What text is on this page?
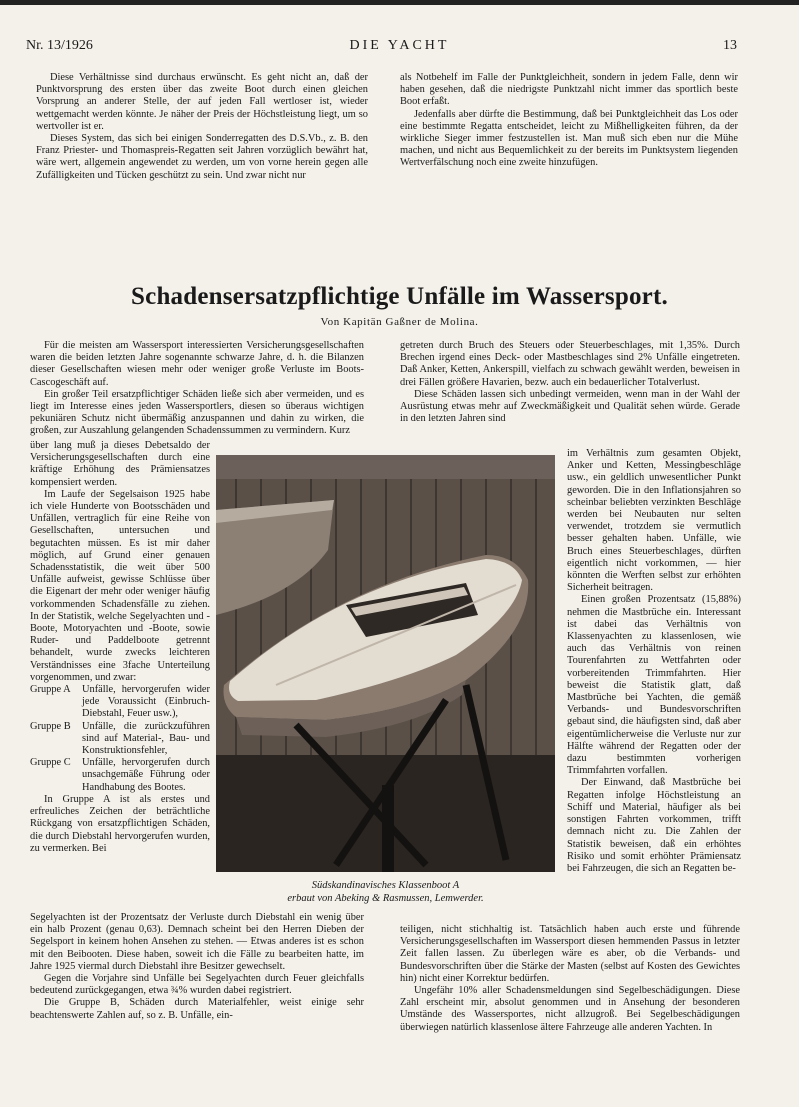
Nr. 13/1926	DIE YACHT	13

Diese Verhältnisse sind durchaus erwünscht. Es geht nicht an, daß der Punktvorsprung des ersten über das zweite Boot durch einen gleichen Vorsprung an anderer Stelle, der auf jeden Fall wertloser ist, wieder wettgemacht werden könnte. Je näher der Preis der Höchstleistung liegt, um so wertvoller ist er.

Dieses System, das sich bei einigen Sonderregatten des D.S.Vb., z. B. den Franz Priester- und Thomaspreis-Regatten seit Jahren vorzüglich bewährt hat, wäre wert, allgemein angewendet zu werden, um von vorne herein gegen alle Zufälligkeiten und Tücken geschützt zu sein. Und zwar nicht nur

als Notbehelf im Falle der Punktgleichheit, sondern in jedem Falle, denn wir haben gesehen, daß die niedrigste Punktzahl nicht immer das sportlich beste Boot erfaßt.

Jedenfalls aber dürfte die Bestimmung, daß bei Punktgleichheit das Los oder eine bestimmte Regatta entscheidet, leicht zu Mißhelligkeiten führen, da der wirkliche Sieger immer festzustellen ist. Man muß sich eben nur die Mühe machen, und nicht aus Bequemlichkeit zu der bereits im Punktsystem liegenden Wertverfälschung noch eine zweite hinzufügen.

Schadensersatzpflichtige Unfälle im Wassersport.
Von Kapitän Gaßner de Molina.

Für die meisten am Wassersport interessierten Versicherungsgesellschaften waren die beiden letzten Jahre sogenannte schwarze Jahre, d. h. die Bilanzen dieser Gesellschaften wiesen mehr oder weniger große Verluste im Boots-Cascogeschäft auf.

Ein großer Teil ersatzpflichtiger Schäden ließe sich aber vermeiden, und es liegt im Interesse eines jeden Wassersportlers, diesen so überaus wichtigen pekuniären Schutz nicht übermäßig anzuspannen und dahin zu wirken, die großen, zur Auszahlung gelangenden Schadenssummen zu vermindern. Kurz

über lang muß ja dieses Debetsaldo der Versicherungsgesellschaften durch eine kräftige Erhöhung des Prämiensatzes kompensiert werden.

Im Laufe der Segelsaison 1925 habe ich viele Hunderte von Bootsschäden und Unfällen, vertraglich für eine Reihe von Gesellschaften, untersuchen und begutachten müssen. Es ist mir daher möglich, auf Grund einer genauen Schadensstatistik, die weit über 500 Unfälle aufweist, gewisse Schlüsse über die Eigenart der mehr oder weniger häufig vorkommenden Schadensfälle zu ziehen. In der Statistik, welche Segelyachten und -Boote, Motoryachten und -Boote, sowie Ruder- und Paddelboote getrennt behandelt, wurde zwecks leichteren Verständnisses eine 3fache Unterteilung vorgenommen, und zwar:

Gruppe A	Unfälle, hervorgerufen wider jede Voraussicht (Einbruch-Diebstahl, Feuer usw.),
Gruppe B	Unfälle, die zurückzuführen sind auf Material-, Bau- und Konstruktionsfehler,
Gruppe C	Unfälle, hervorgerufen durch unsachgemäße Führung oder Handhabung des Bootes.

In Gruppe A ist als erstes und erfreuliches Zeichen der beträchtliche Rückgang von ersatzpflichtigen Schäden, die durch Diebstahl hervorgerufen wurden, zu vermerken. Bei

Segelyachten ist der Prozentsatz der Verluste durch Diebstahl ein wenig über ein halb Prozent (genau 0,63). Demnach scheint bei den Herren Dieben der Segelsport in keinem hohen Ansehen zu stehen. — Etwas anderes ist es schon mit den Beibooten. Diese haben, soweit ich die Fälle zu bearbeiten hatte, im Jahre 1925 viermal durch Diebstahl ihre Besitzer gewechselt.

Gegen die Vorjahre sind Unfälle bei Segelyachten durch Feuer gleichfalls bedeutend zurückgegangen, etwa ¾% wurden dabei registriert.

Die Gruppe B, Schäden durch Materialfehler, weist einige sehr beachtenswerte Zahlen auf, so z. B. Unfälle, ein-

getreten durch Bruch des Steuers oder Steuerbeschlages, mit 1,35%. Durch Brechen irgend eines Deck- oder Mastbeschlages sind 2% Unfälle eingetreten. Daß Anker, Ketten, Ankerspill, vielfach zu schwach gewählt werden, beweisen in drei Fällen größere Havarien, bezw. auch ein bedauerlicher Totalverlust.

Diese Schäden lassen sich unbedingt vermeiden, wenn man in der Wahl der Ausrüstung etwas mehr auf Zweckmäßigkeit und Qualität sehen würde. Gerade in den letzten Jahren sind

im Verhältnis zum gesamten Objekt, Anker und Ketten, Messingbeschläge usw., ein geldlich unwesentlicher Punkt geworden. Die in den Inflationsjahren so scheinbar beliebten verzinkten Beschläge werden bei Neubauten nur selten verwendet, trotzdem sie vermutlich besser gehalten haben. Unfälle, wie Bruch eines Steuerbeschlages, dürften eigentlich nicht vorkommen, — hier könnten die Werften selbst zur erhöhten Sicherheit beitragen.

Einen großen Prozentsatz (15,88%) nehmen die Mastbrüche ein. Interessant ist dabei das Verhältnis von Klassenyachten zu klassenlosen, wie auch das Verhältnis von reinen Tourenfahrten zu Wettfahrten oder vorbereitenden Trimmfahrten. Hier beweist die Statistik glatt, daß Mastbrüche bei Yachten, die gemäß Verbands- und Bundesvorschriften gebaut sind, die häufigsten sind, daß aber eigentümlicherweise die Verluste nur zur Hälfte während der Regatten oder der dazu bestimmten vorherigen Trimmfahrten vorfallen.

Der Einwand, daß Mastbrüche bei Regatten infolge Höchstleistung an Schiff und Material, häufiger als bei sonstigen Fahrten vorkommen, trifft demnach nicht zu. Die Zahlen der Statistik beweisen, daß ein erhöhtes Risiko und somit erhöhter Prämiensatz bei Fahrzeugen, die sich an Regatten be-

teiligen, nicht stichhaltig ist. Tatsächlich haben auch erste und führende Versicherungsgesellschaften im Wassersport diesen hemmenden Passus in letzter Zeit fallen lassen. Zu überlegen wäre es aber, ob die Verbands- und Bundesvorschriften über die Stärke der Masten (selbst auf Kosten des Gewichtes hin) nicht einer Korrektur bedürfen.

Ungefähr 10% aller Schadensmeldungen sind Segelbeschädigungen. Diese Zahl erscheint mir, absolut genommen und in Ansehung der besonderen Umstände des Wassersportes, nicht allzugroß. Bei Segelbeschädigungen überwiegen natürlich klassenlose ältere Fahrzeuge alle anderen Yachten. In

Südskandinavisches Klassenboot A
erbaut von Abeking & Rasmussen, Lemwerder.
